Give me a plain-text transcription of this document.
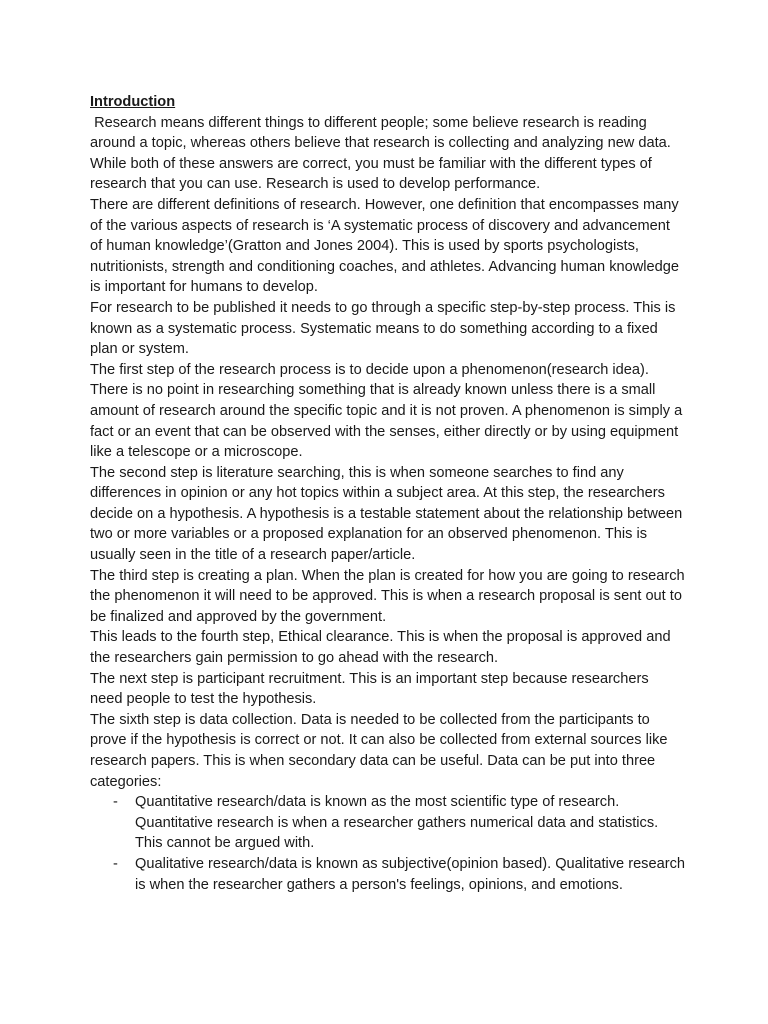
Introduction

Research means different things to different people; some believe research is reading around a topic, whereas others believe that research is collecting and analyzing new data. While both of these answers are correct, you must be familiar with the different types of research that you can use. Research is used to develop performance.

There are different definitions of research. However, one definition that encompasses many of the various aspects of research is ‘A systematic process of discovery and advancement of human knowledge’(Gratton and Jones 2004). This is used by sports psychologists, nutritionists, strength and conditioning coaches, and athletes. Advancing human knowledge is important for humans to develop.

For research to be published it needs to go through a specific step-by-step process. This is known as a systematic process. Systematic means to do something according to a fixed plan or system.

The first step of the research process is to decide upon a phenomenon(research idea). There is no point in researching something that is already known unless there is a small amount of research around the specific topic and it is not proven. A phenomenon is simply a fact or an event that can be observed with the senses, either directly or by using equipment like a telescope or a microscope.

The second step is literature searching, this is when someone searches to find any differences in opinion or any hot topics within a subject area. At this step, the researchers decide on a hypothesis. A hypothesis is a testable statement about the relationship between two or more variables or a proposed explanation for an observed phenomenon. This is usually seen in the title of a research paper/article.

The third step is creating a plan. When the plan is created for how you are going to research the phenomenon it will need to be approved. This is when a research proposal is sent out to be finalized and approved by the government.

This leads to the fourth step, Ethical clearance. This is when the proposal is approved and the researchers gain permission to go ahead with the research.

The next step is participant recruitment. This is an important step because researchers need people to test the hypothesis.

The sixth step is data collection. Data is needed to be collected from the participants to prove if the hypothesis is correct or not. It can also be collected from external sources like research papers. This is when secondary data can be useful. Data can be put into three categories:

- Quantitative research/data is known as the most scientific type of research. Quantitative research is when a researcher gathers numerical data and statistics. This cannot be argued with.
- Qualitative research/data is known as subjective(opinion based). Qualitative research is when the researcher gathers a person's feelings, opinions, and emotions.
